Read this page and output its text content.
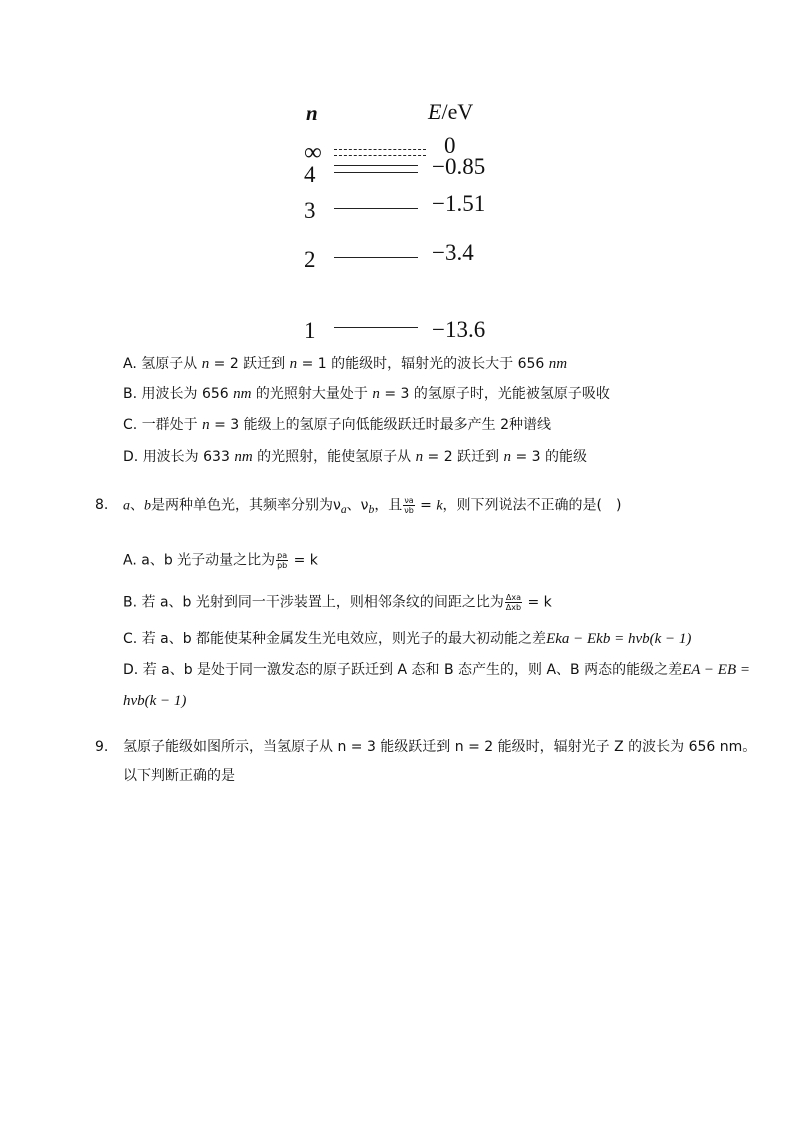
n	E/eV
∞	0
4	−0.85
3	−1.51
2	−3.4
1	−13.6
A. 氢原子从 n = 2 跃迁到 n = 1 的能级时，辐射光的波长大于 656 nm
B. 用波长为 656 nm 的光照射大量处于 n = 3 的氢原子时，光能被氢原子吸收
C. 一群处于 n = 3 能级上的氢原子向低能级跃迁时最多产生 2种谱线
D. 用波长为 633 nm 的光照射，能使氢原子从 n = 2 跃迁到 n = 3 的能级
8. a、b是两种单色光，其频率分别为$\nu_a$、$\nu_b$，且 $\frac{\nu a}{\nu b} = k$，则下列说法不正确的是(　)
A. a、b 光子动量之比为 $\frac{pa}{pb} = k$
B. 若 a、b 光射到同一干涉装置上，则相邻条纹的间距之比为 $\frac{\text{Δxa}}{\text{Δxb}} = k$
C. 若 a、b 都能使某种金属发生光电效应，则光子的最大初动能之差Eka − Ekb = hνb(k − 1)
D. 若 a、b 是处于同一激发态的原子跃迁到 A 态和 B 态产生的，则 A、B 两态的能级之差EA − EB =
hνb(k − 1)
9. 氢原子能级如图所示，当氢原子从 n = 3 能级跃迁到 n = 2 能级时，辐射光子 Z 的波长为 656 nm。
以下判断正确的是
